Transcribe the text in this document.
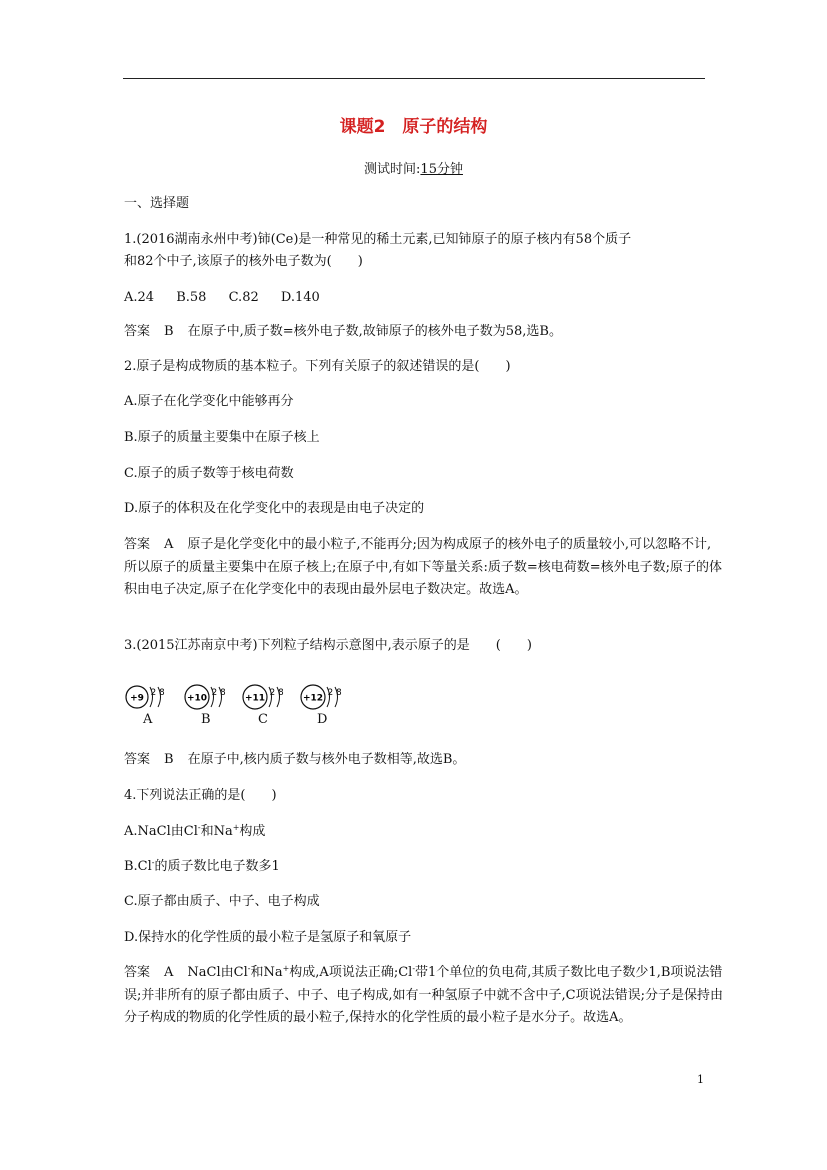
课题2　原子的结构
测试时间:15分钟
一、选择题
1.(2016湖南永州中考)铈(Ce)是一种常见的稀土元素,已知铈原子的原子核内有58个质子
和82个中子,该原子的核外电子数为(　　)
A.24 B.58 C.82 D.140
答案 B 在原子中,质子数=核外电子数,故铈原子的核外电子数为58,选B。
2.原子是构成物质的基本粒子。下列有关原子的叙述错误的是(　　)
A.原子在化学变化中能够再分
B.原子的质量主要集中在原子核上
C.原子的质子数等于核电荷数
D.原子的体积及在化学变化中的表现是由电子决定的
答案 A 原子是化学变化中的最小粒子,不能再分;因为构成原子的核外电子的质量较小,可以忽略不计,所以原子的质量主要集中在原子核上;在原子中,有如下等量关系:质子数=核电荷数=核外电子数;原子的体积由电子决定,原子在化学变化中的表现由最外层电子数决定。故选A。
3.(2015江苏南京中考)下列粒子结构示意图中,表示原子的是　　(　　)
+9
2 8
+10
2 8
+11
2 8
+12
2 8
A	B	C	D
答案 B 在原子中,核内质子数与核外电子数相等,故选B。
4.下列说法正确的是(　　)
A.NaCl由Cl-和Na+构成
B.Cl-的质子数比电子数多1
C.原子都由质子、中子、电子构成
D.保持水的化学性质的最小粒子是氢原子和氧原子
答案 A NaCl由Cl-和Na+构成,A项说法正确;Cl-带1个单位的负电荷,其质子数比电子数少1,B项说法错误;并非所有的原子都由质子、中子、电子构成,如有一种氢原子中就不含中子,C项说法错误;分子是保持由分子构成的物质的化学性质的最小粒子,保持水的化学性质的最小粒子是水分子。故选A。
1
